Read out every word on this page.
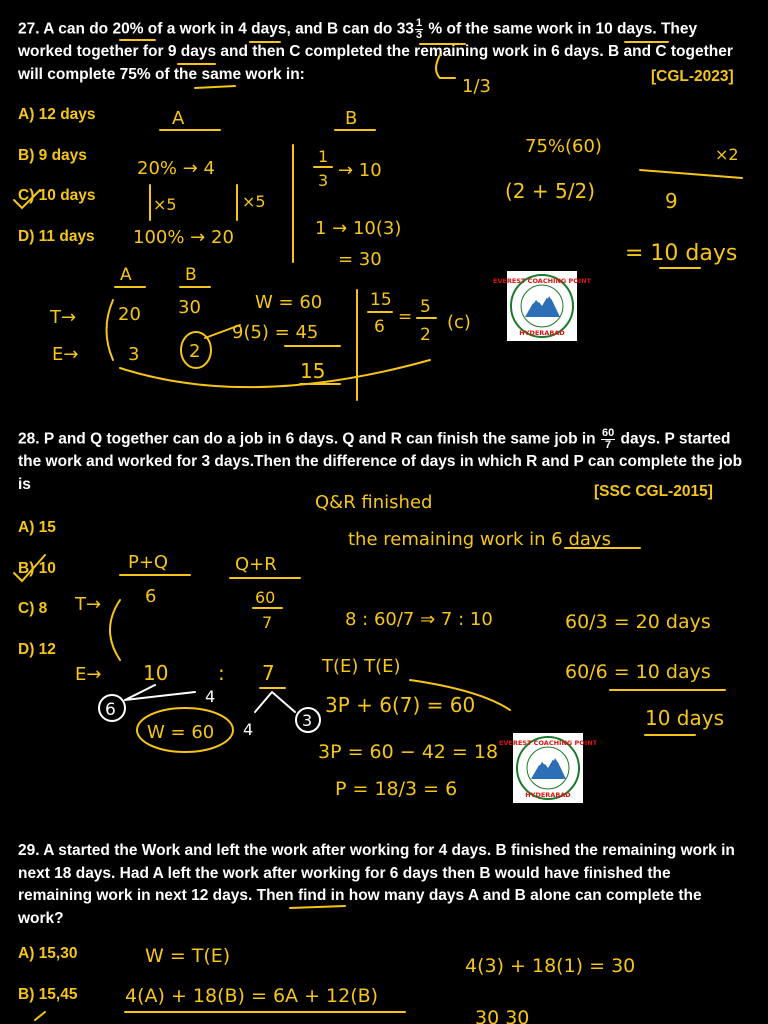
27. A can do 20% of a work in 4 days, and B can do $33 \frac{1}{3}$ % of the same work in 10 days. They worked together for 9 days and then C completed the remaining work in 6 days. B and C together will complete 75% of the same work in:	[CGL-2023]
A) 12 days
B) 9 days
C) 10 days
D) 11 days
28. P and Q together can do a job in 6 days. Q and R can finish the same job in $\frac{60}{7}$ days. P started the work and worked for 3 days.Then the difference of days in which R and P can complete the job is	[SSC CGL-2015]
A) 15
B) 10
C) 8
D) 12
29. A started the Work and left the work after working for 4 days. B finished the remaining work in next 18 days. Had A left the work after working for 6 days then B would have finished the remaining work in next 12 days. Then find in how many days A and B alone can complete the work?
A) 15,30
B) 15,45
EVEREST COACHING POINT
HYDERABAD
EVEREST COACHING POINT
HYDERABAD
1/3
A	B
20% → 4
×5	×5
100% → 20
1
3 → 10
1 → 10(3)
= 30
75%(60)	×2
(2 + 5/2)	9
= 10 days
A	B
T→
E→
20 30
3	2
W = 60
9(5) = 45
15
15
6 = 5
2
(c)
Q&R finished
the remaining work in 6 days
P+Q	Q+R
T→ 6	60
7	8 : 60/7 ⇒ 7 : 10
E→ 10 : 7
6
4
4	3
W = 60
T(E) T(E)
3P + 6(7) = 60
3P = 60 − 42 = 18
P = 18/3 = 6
60/3 = 20 days
60/6 = 10 days
10 days
W = T(E)	4(3) + 18(1) = 30
4(A) + 18(B) = 6A + 12(B)
30 30
